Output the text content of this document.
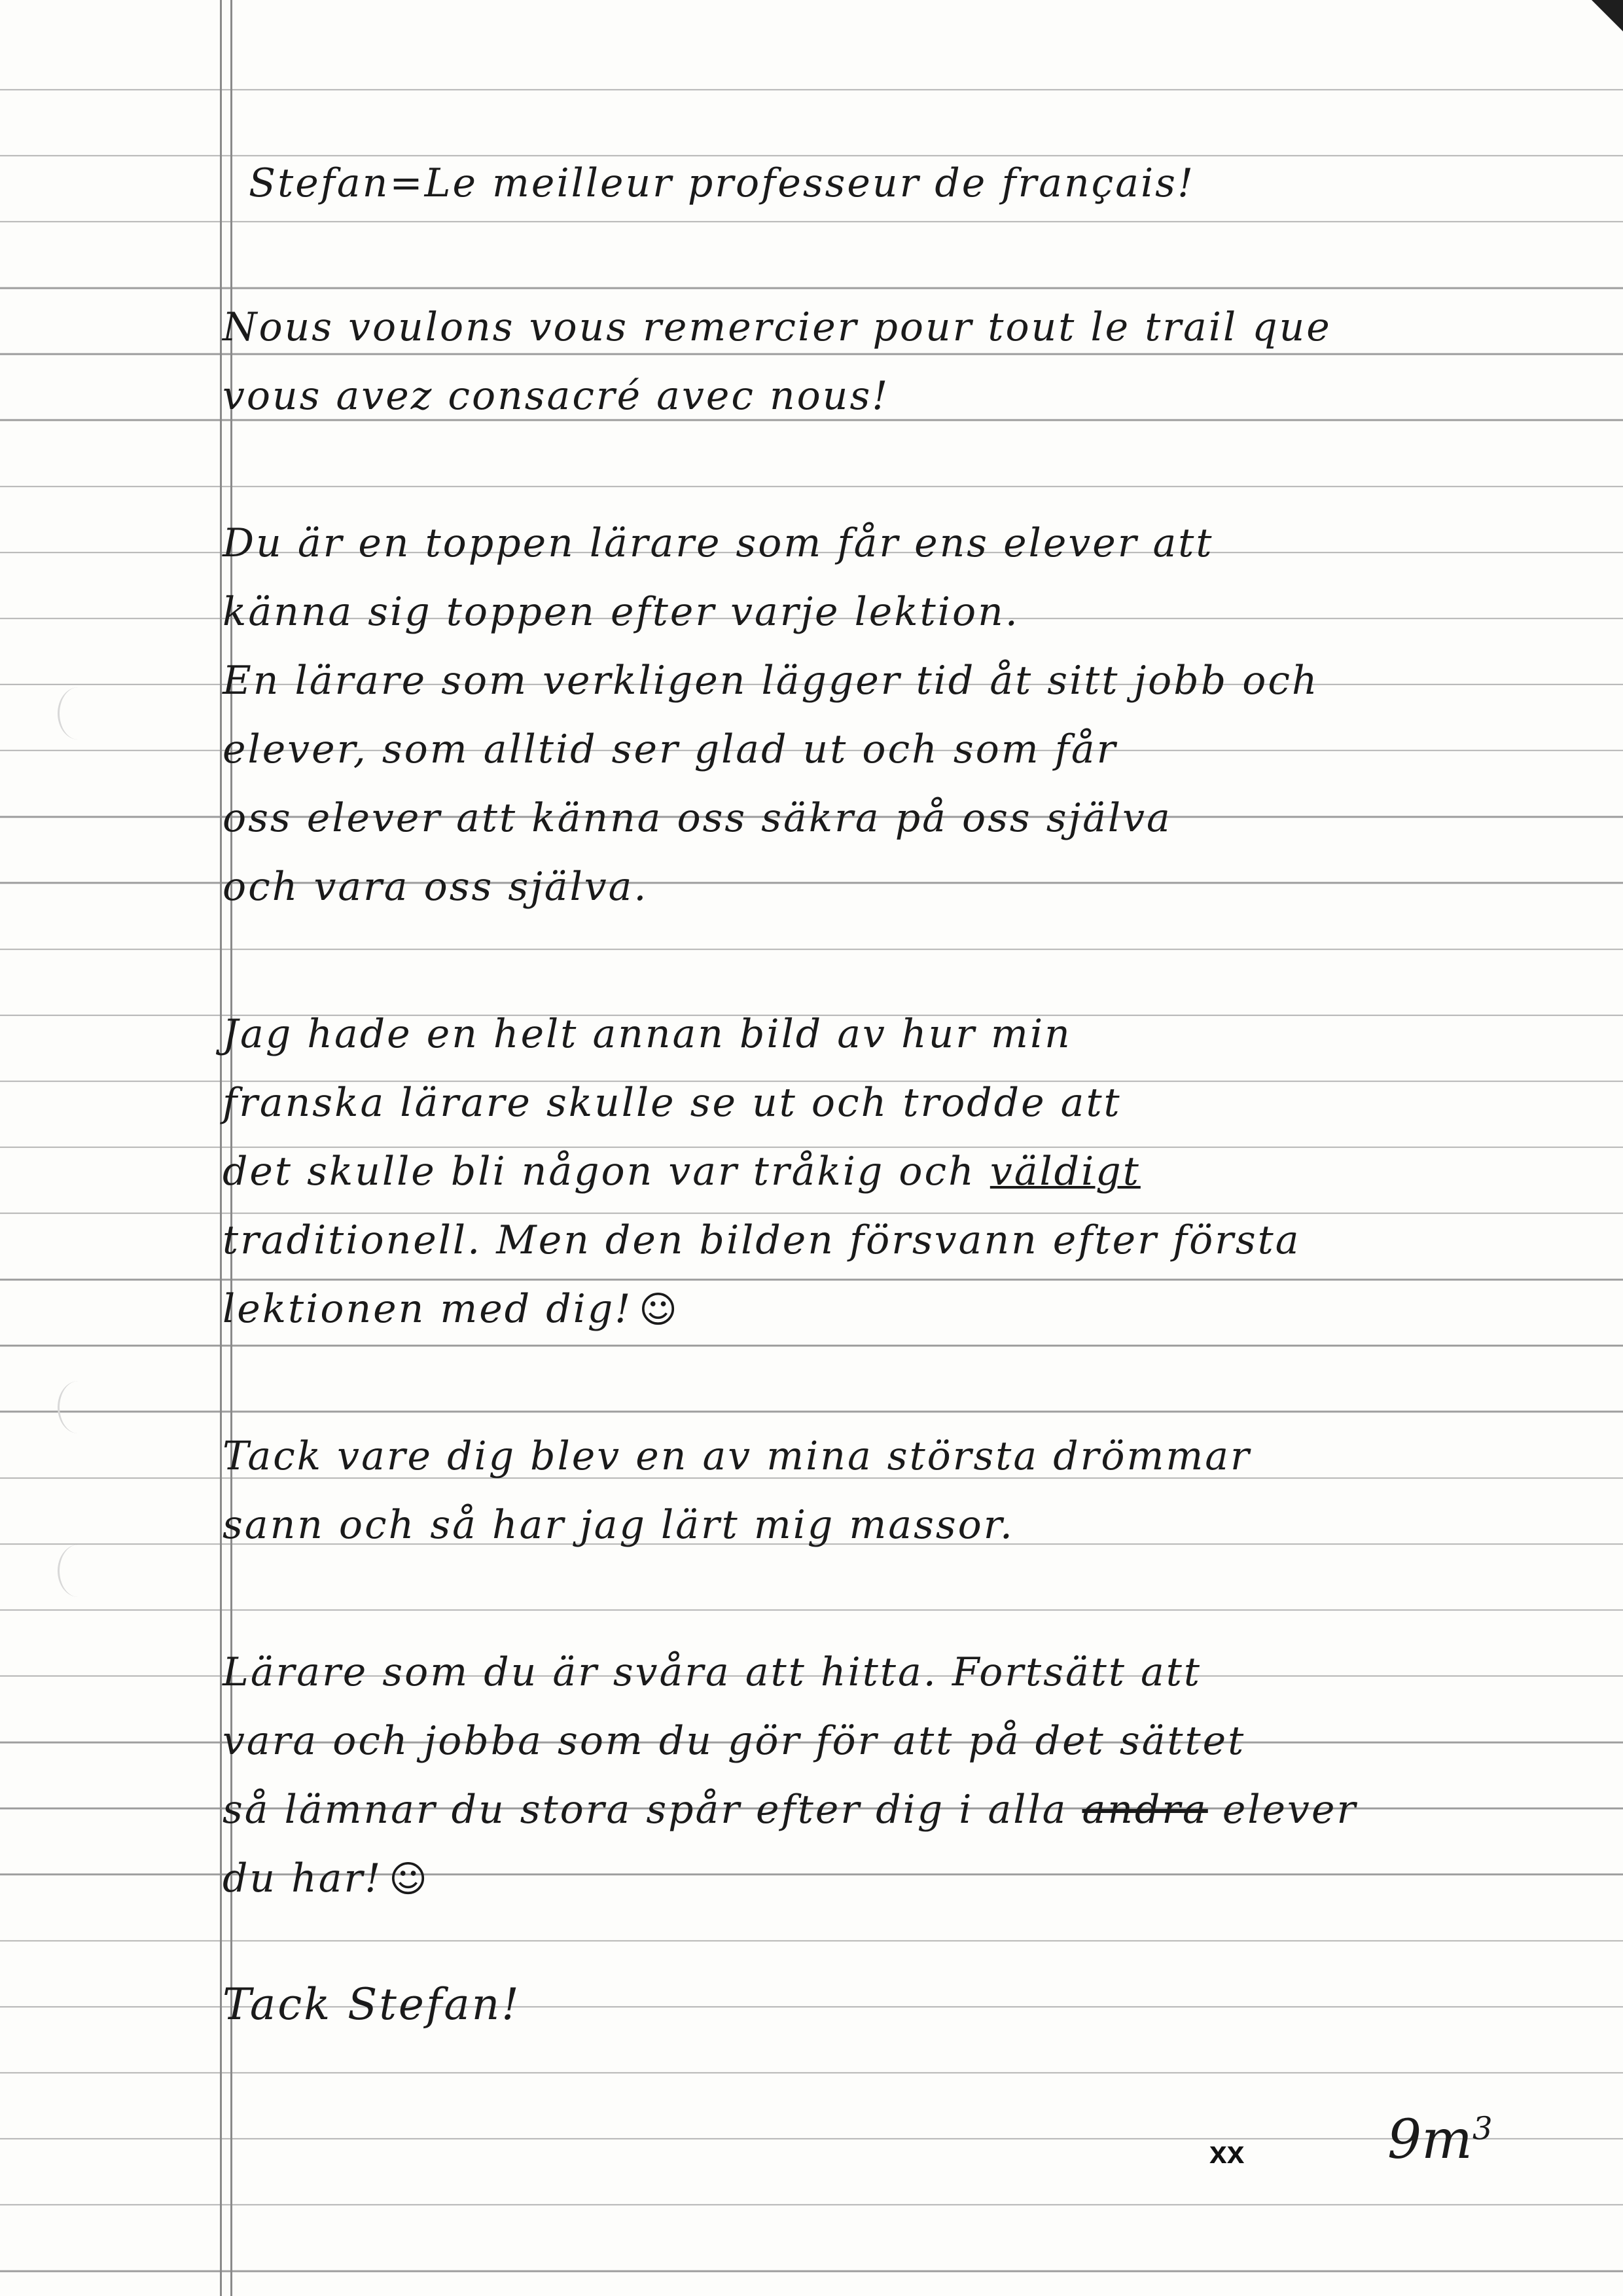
Stefan=Le meilleur professeur de français!
Nous voulons vous remercier pour tout le trail que
vous avez consacré avec nous!
Du är en toppen lärare som får ens elever att
känna sig toppen efter varje lektion.
En lärare som verkligen lägger tid åt sitt jobb och
elever, som alltid ser glad ut och som får
oss elever att känna oss säkra på oss själva
och vara oss själva.
Jag hade en helt annan bild av hur min
franska lärare skulle se ut och trodde att
det skulle bli någon var tråkig och väldigt
traditionell. Men den bilden försvann efter första
lektionen med dig! ☺
Tack vare dig blev en av mina största drömmar
sann och så har jag lärt mig massor.
Lärare som du är svåra att hitta. Fortsätt att
vara och jobba som du gör för att på det sättet
så lämnar du stora spår efter dig i alla andra elever
du har! ☺
Tack Stefan!
xx	$9m^3$
